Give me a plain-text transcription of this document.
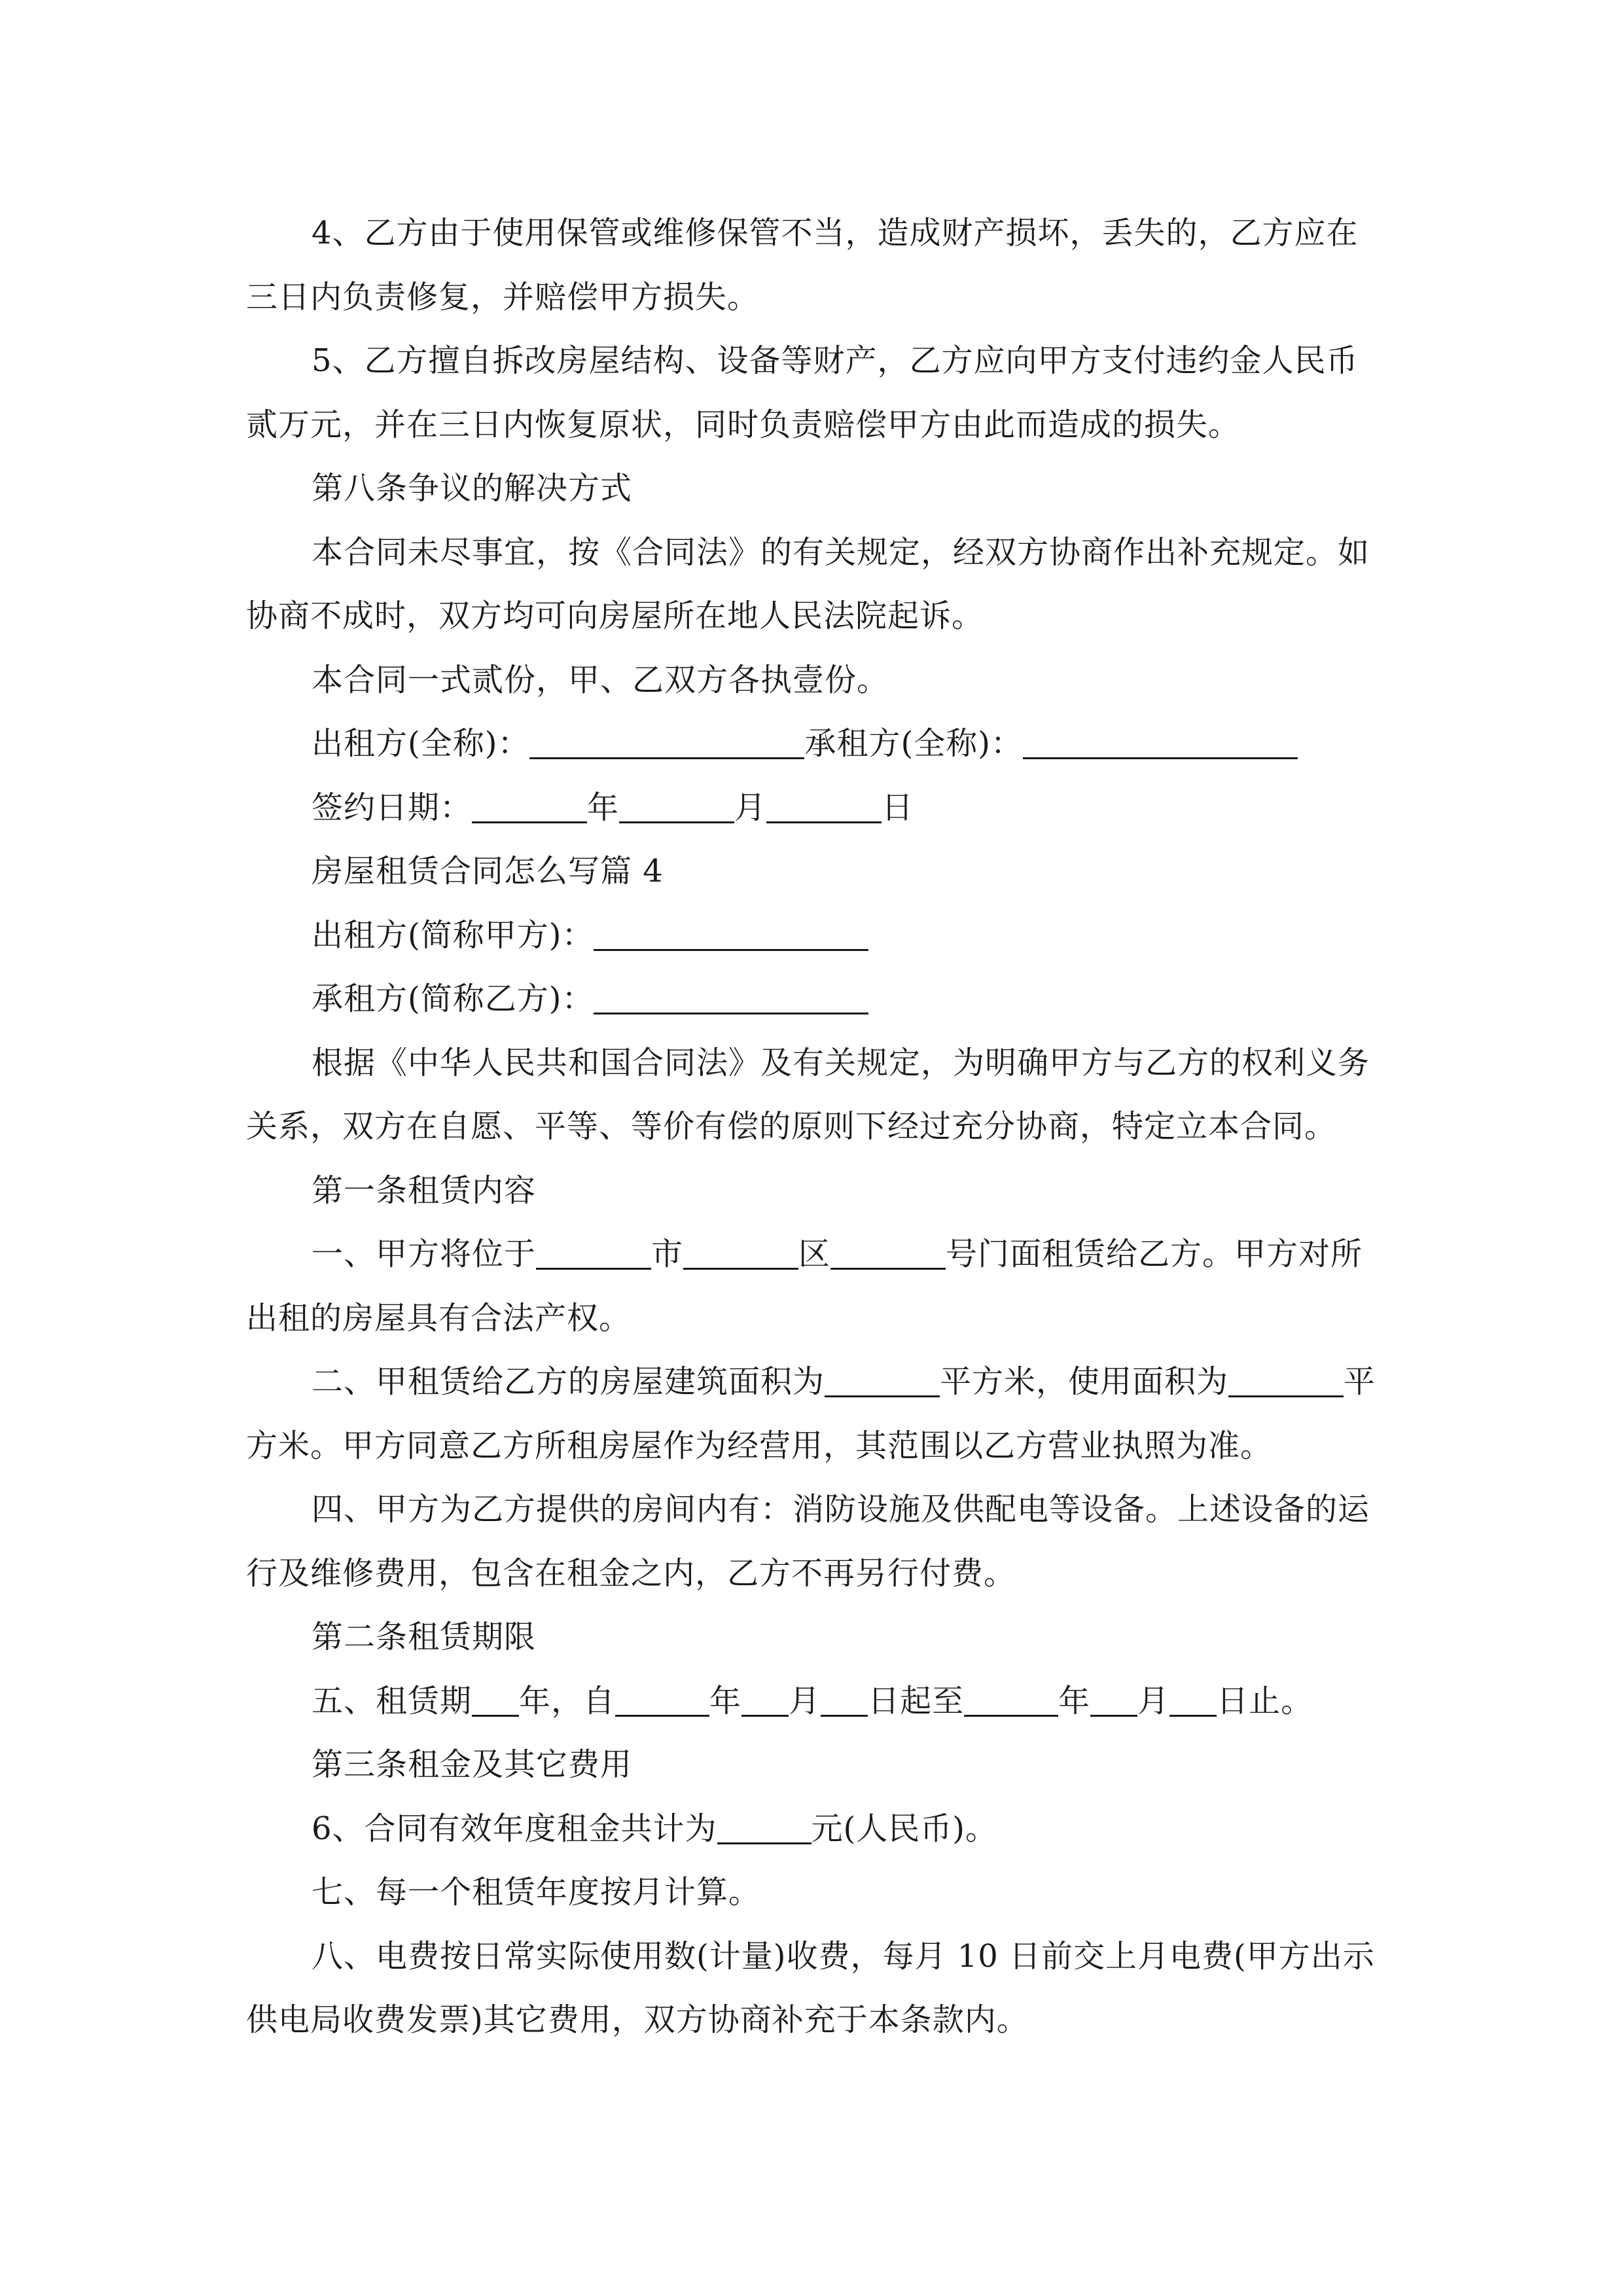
4、乙方由于使用保管或维修保管不当，造成财产损坏，丢失的，乙方应在
三日内负责修复，并赔偿甲方损失。
5、乙方擅自拆改房屋结构、设备等财产，乙方应向甲方支付违约金人民币
贰万元，并在三日内恢复原状，同时负责赔偿甲方由此而造成的损失。
第八条争议的解决方式
本合同未尽事宜，按《合同法》的有关规定，经双方协商作出补充规定。如
协商不成时，双方均可向房屋所在地人民法院起诉。
本合同一式贰份，甲、乙双方各执壹份。
出租方(全称)：	承租方(全称)：
签约日期：	年	月	日
房屋租赁合同怎么写篇 4
出租方(简称甲方)：
承租方(简称乙方)：
根据《中华人民共和国合同法》及有关规定，为明确甲方与乙方的权利义务
关系，双方在自愿、平等、等价有偿的原则下经过充分协商，特定立本合同。
第一条租赁内容
一、甲方将位于	市	区	号门面租赁给乙方。甲方对所
出租的房屋具有合法产权。
二、甲租赁给乙方的房屋建筑面积为	平方米，使用面积为	平
方米。甲方同意乙方所租房屋作为经营用，其范围以乙方营业执照为准。
四、甲方为乙方提供的房间内有：消防设施及供配电等设备。上述设备的运
行及维修费用，包含在租金之内，乙方不再另行付费。
第二条租赁期限
五、租赁期 年，自	年 月 日起至	年 月 日止。
第三条租金及其它费用
6、合同有效年度租金共计为	元(人民币)。
七、每一个租赁年度按月计算。
八、电费按日常实际使用数(计量)收费，每月 10 日前交上月电费(甲方出示
供电局收费发票)其它费用，双方协商补充于本条款内。
